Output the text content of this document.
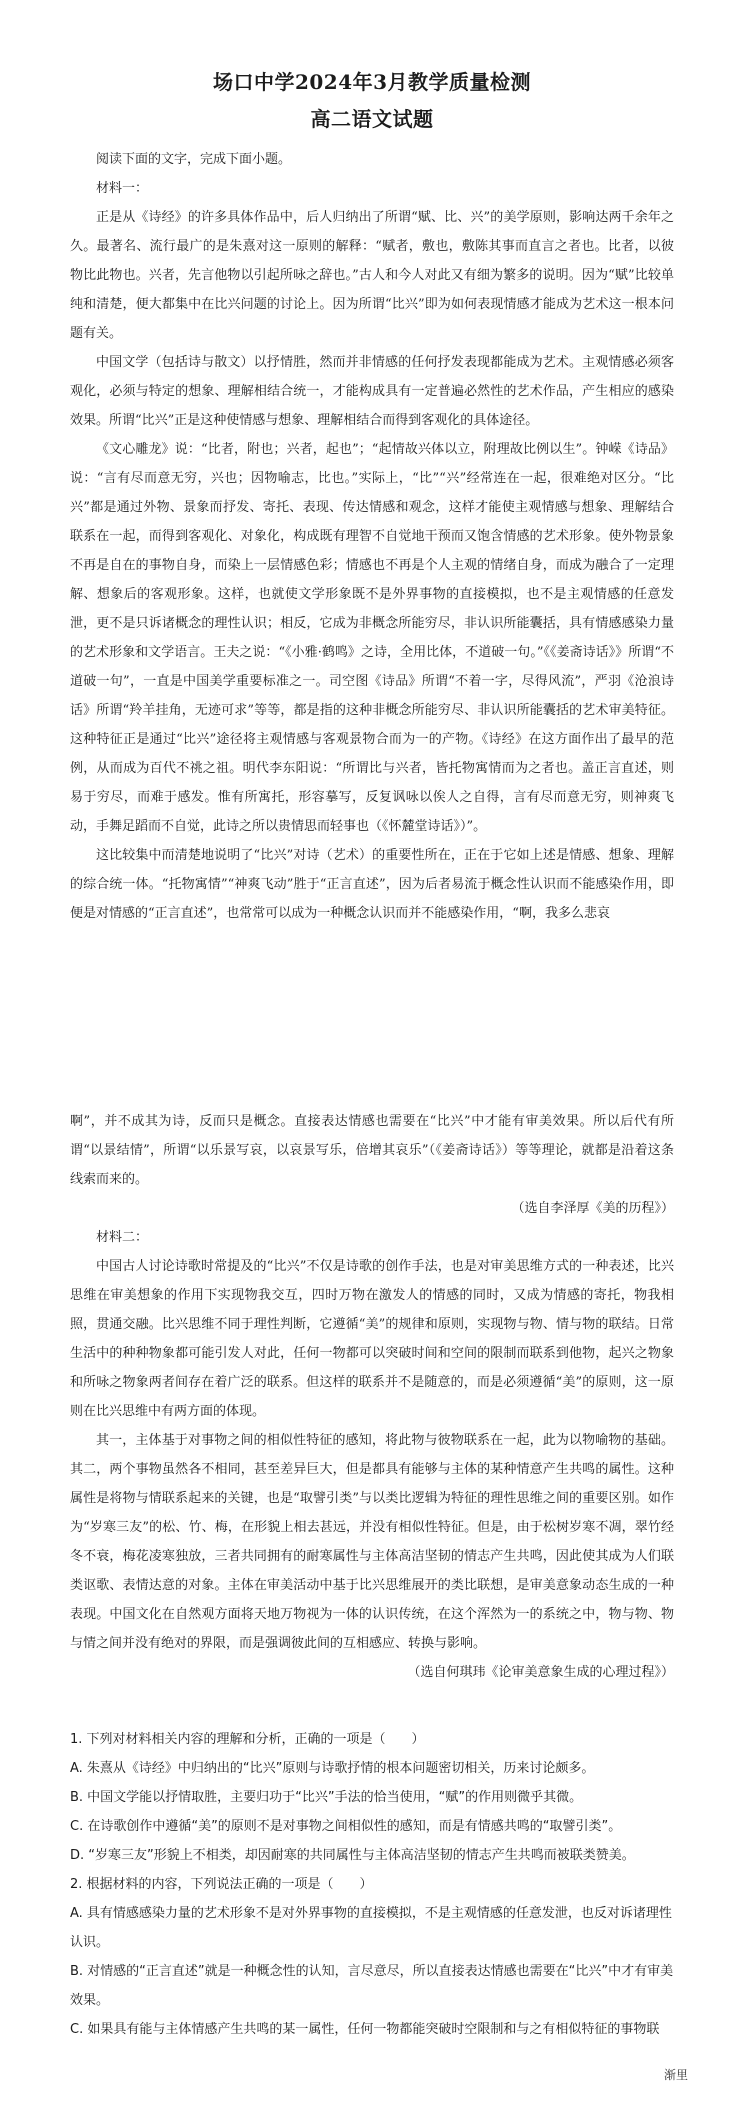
场口中学2024年3月教学质量检测
高二语文试题

阅读下面的文字，完成下面小题。

材料一：

正是从《诗经》的许多具体作品中，后人归纳出了所谓“赋、比、兴”的美学原则，影响达两千余年之久。最著名、流行最广的是朱熹对这一原则的解释：“赋者，敷也，敷陈其事而直言之者也。比者，以彼物比此物也。兴者，先言他物以引起所咏之辞也。”古人和今人对此又有细为繁多的说明。因为“赋”比较单纯和清楚，便大都集中在比兴问题的讨论上。因为所谓“比兴”即为如何表现情感才能成为艺术这一根本问题有关。

中国文学（包括诗与散文）以抒情胜，然而并非情感的任何抒发表现都能成为艺术。主观情感必须客观化，必须与特定的想象、理解相结合统一，才能构成具有一定普遍必然性的艺术作品，产生相应的感染效果。所谓“比兴”正是这种使情感与想象、理解相结合而得到客观化的具体途径。

《文心雕龙》说：“比者，附也；兴者，起也”；“起情故兴体以立，附理故比例以生”。钟嵘《诗品》说：“言有尽而意无穷，兴也；因物喻志，比也。”实际上，“比”“兴”经常连在一起，很难绝对区分。“比兴”都是通过外物、景象而抒发、寄托、表现、传达情感和观念，这样才能使主观情感与想象、理解结合联系在一起，而得到客观化、对象化，构成既有理智不自觉地干预而又饱含情感的艺术形象。使外物景象不再是自在的事物自身，而染上一层情感色彩；情感也不再是个人主观的情绪自身，而成为融合了一定理解、想象后的客观形象。这样，也就使文学形象既不是外界事物的直接模拟，也不是主观情感的任意发泄，更不是只诉诸概念的理性认识；相反，它成为非概念所能穷尽，非认识所能囊括，具有情感感染力量的艺术形象和文学语言。王夫之说：“《小雅·鹤鸣》之诗，全用比体，不道破一句。”《《姜斋诗话》》所谓“不道破一句”，一直是中国美学重要标准之一。司空图《诗品》所谓“不着一字，尽得风流”，严羽《沧浪诗话》所谓“羚羊挂角，无迹可求”等等，都是指的这种非概念所能穷尽、非认识所能囊括的艺术审美特征。这种特征正是通过“比兴”途径将主观情感与客观景物合而为一的产物。《诗经》在这方面作出了最早的范例，从而成为百代不祧之祖。明代李东阳说：“所谓比与兴者，皆托物寓情而为之者也。盖正言直述，则易于穷尽，而难于感发。惟有所寓托，形容摹写，反复讽咏以俟人之自得，言有尽而意无穷，则神爽飞动，手舞足蹈而不自觉，此诗之所以贵情思而轻事也（《怀麓堂诗话》）”。

这比较集中而清楚地说明了“比兴”对诗（艺术）的重要性所在，正在于它如上述是情感、想象、理解的综合统一体。“托物寓情”“神爽飞动”胜于“正言直述”，因为后者易流于概念性认识而不能感染作用，即便是对情感的“正言直述”，也常常可以成为一种概念认识而并不能感染作用，“啊，我多么悲哀

啊”，并不成其为诗，反而只是概念。直接表达情感也需要在“比兴”中才能有审美效果。所以后代有所谓“以景结情”，所谓“以乐景写哀，以哀景写乐，倍增其哀乐”（《姜斋诗话》）等等理论，就都是沿着这条线索而来的。

（选自李泽厚《美的历程》）

材料二：

中国古人讨论诗歌时常提及的“比兴”不仅是诗歌的创作手法，也是对审美思维方式的一种表述，比兴思维在审美想象的作用下实现物我交互，四时万物在激发人的情感的同时，又成为情感的寄托，物我相照，贯通交融。比兴思维不同于理性判断，它遵循“美”的规律和原则，实现物与物、情与物的联结。日常生活中的种种物象都可能引发人对此，任何一物都可以突破时间和空间的限制而联系到他物，起兴之物象和所咏之物象两者间存在着广泛的联系。但这样的联系并不是随意的，而是必须遵循“美”的原则，这一原则在比兴思维中有两方面的体现。

其一，主体基于对事物之间的相似性特征的感知，将此物与彼物联系在一起，此为以物喻物的基础。其二，两个事物虽然各不相同，甚至差异巨大，但是都具有能够与主体的某种情意产生共鸣的属性。这种属性是将物与情联系起来的关键，也是“取譬引类”与以类比逻辑为特征的理性思维之间的重要区别。如作为“岁寒三友”的松、竹、梅，在形貌上相去甚远，并没有相似性特征。但是，由于松树岁寒不凋，翠竹经冬不衰，梅花凌寒独放，三者共同拥有的耐寒属性与主体高洁坚韧的情志产生共鸣，因此使其成为人们联类讴歌、表情达意的对象。主体在审美活动中基于比兴思维展开的类比联想，是审美意象动态生成的一种表现。中国文化在自然观方面将天地万物视为一体的认识传统，在这个浑然为一的系统之中，物与物、物与情之间并没有绝对的界限，而是强调彼此间的互相感应、转换与影响。

（选自何琪玮《论审美意象生成的心理过程》）

1. 下列对材料相关内容的理解和分析，正确的一项是（　　）

A. 朱熹从《诗经》中归纳出的“比兴”原则与诗歌抒情的根本问题密切相关，历来讨论颇多。

B. 中国文学能以抒情取胜，主要归功于“比兴”手法的恰当使用，“赋”的作用则微乎其微。

C. 在诗歌创作中遵循“美”的原则不是对事物之间相似性的感知，而是有情感共鸣的“取譬引类”。

D. “岁寒三友”形貌上不相类，却因耐寒的共同属性与主体高洁坚韧的情志产生共鸣而被联类赞美。

2. 根据材料的内容，下列说法正确的一项是（　　）

A. 具有情感感染力量的艺术形象不是对外界事物的直接模拟，不是主观情感的任意发泄，也反对诉诸理性认识。

B. 对情感的“正言直述”就是一种概念性的认知，言尽意尽，所以直接表达情感也需要在“比兴”中才有审美效果。

C. 如果具有能与主体情感产生共鸣的某一属性，任何一物都能突破时空限制和与之有相似特征的事物联

渐里
